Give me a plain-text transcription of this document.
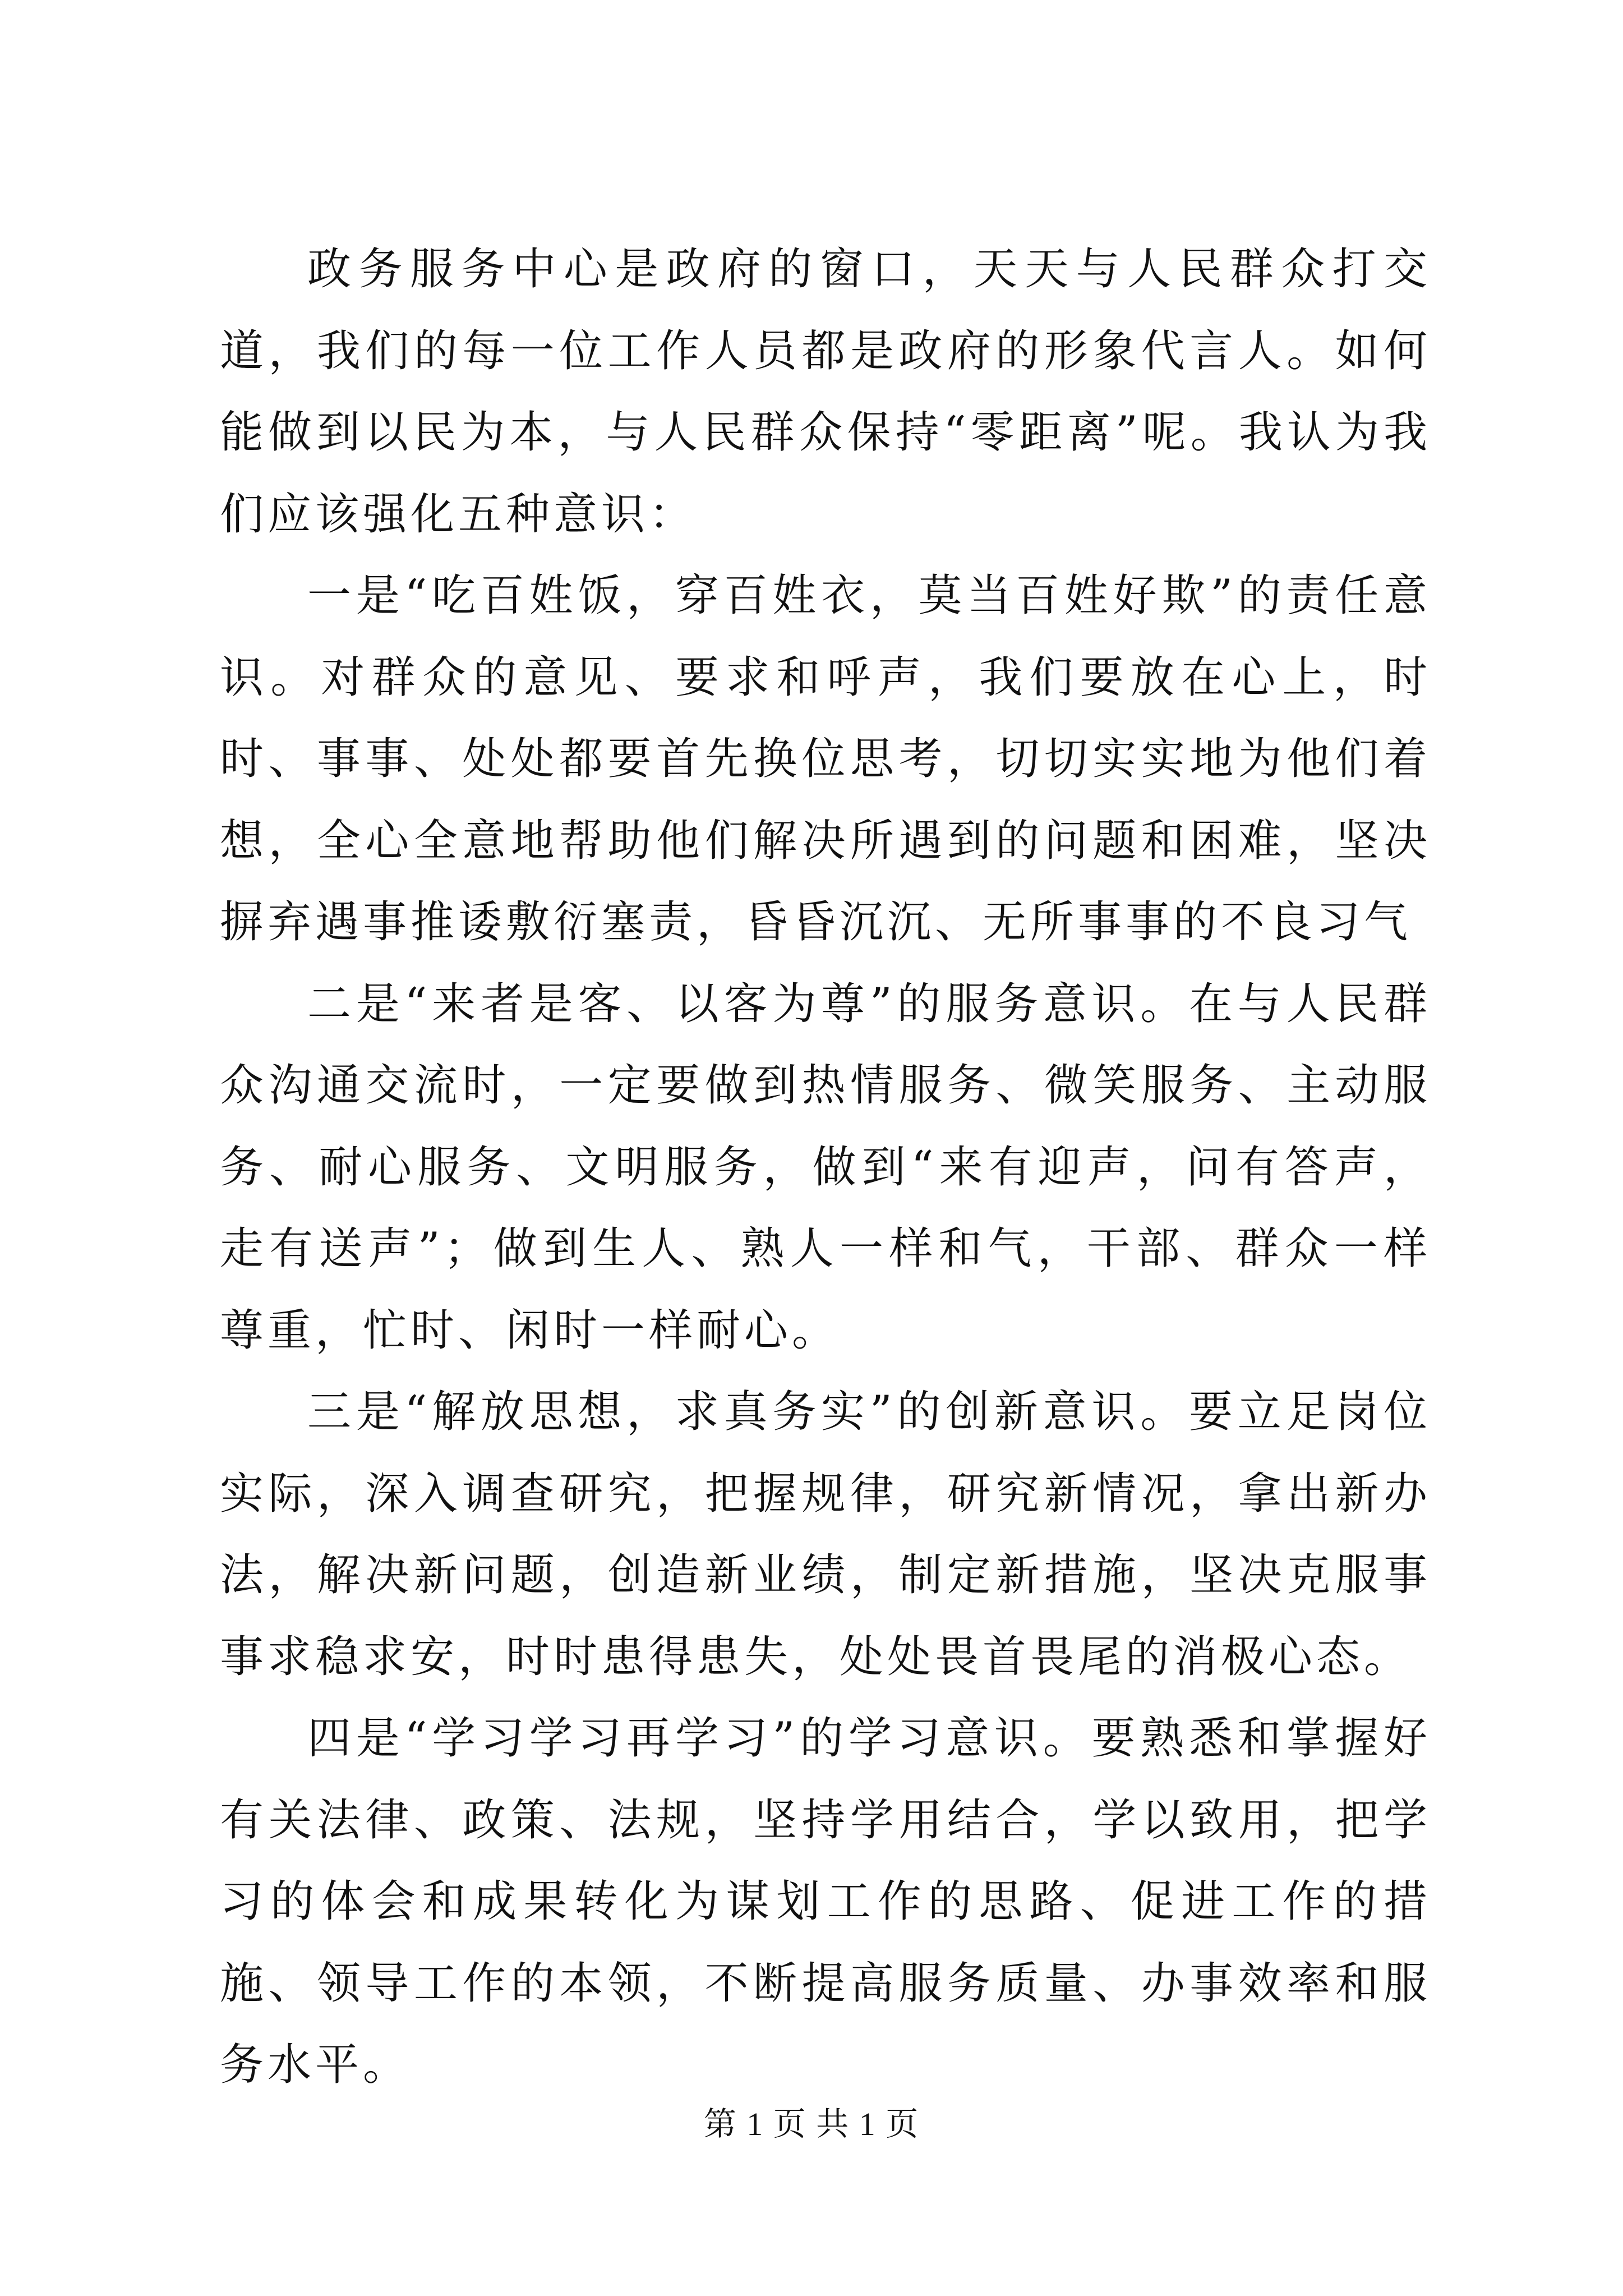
政务服务中心是政府的窗口，天天与人民群众打交道，我们的每一位工作人员都是政府的形象代言人。如何能做到以民为本，与人民群众保持“零距离”呢。我认为我们应该强化五种意识：

一是“吃百姓饭，穿百姓衣，莫当百姓好欺”的责任意识。对群众的意见、要求和呼声，我们要放在心上，时时、事事、处处都要首先换位思考，切切实实地为他们着想，全心全意地帮助他们解决所遇到的问题和困难，坚决摒弃遇事推诿敷衍塞责，昏昏沉沉、无所事事的不良习气

二是“来者是客、以客为尊”的服务意识。在与人民群众沟通交流时，一定要做到热情服务、微笑服务、主动服务、耐心服务、文明服务，做到“来有迎声，问有答声，走有送声”；做到生人、熟人一样和气，干部、群众一样尊重，忙时、闲时一样耐心。

三是“解放思想，求真务实”的创新意识。要立足岗位实际，深入调查研究，把握规律，研究新情况，拿出新办法，解决新问题，创造新业绩，制定新措施，坚决克服事事求稳求安，时时患得患失，处处畏首畏尾的消极心态。

四是“学习学习再学习”的学习意识。要熟悉和掌握好有关法律、政策、法规，坚持学用结合，学以致用，把学习的体会和成果转化为谋划工作的思路、促进工作的措施、领导工作的本领，不断提高服务质量、办事效率和服务水平。

第 1 页 共 1 页
